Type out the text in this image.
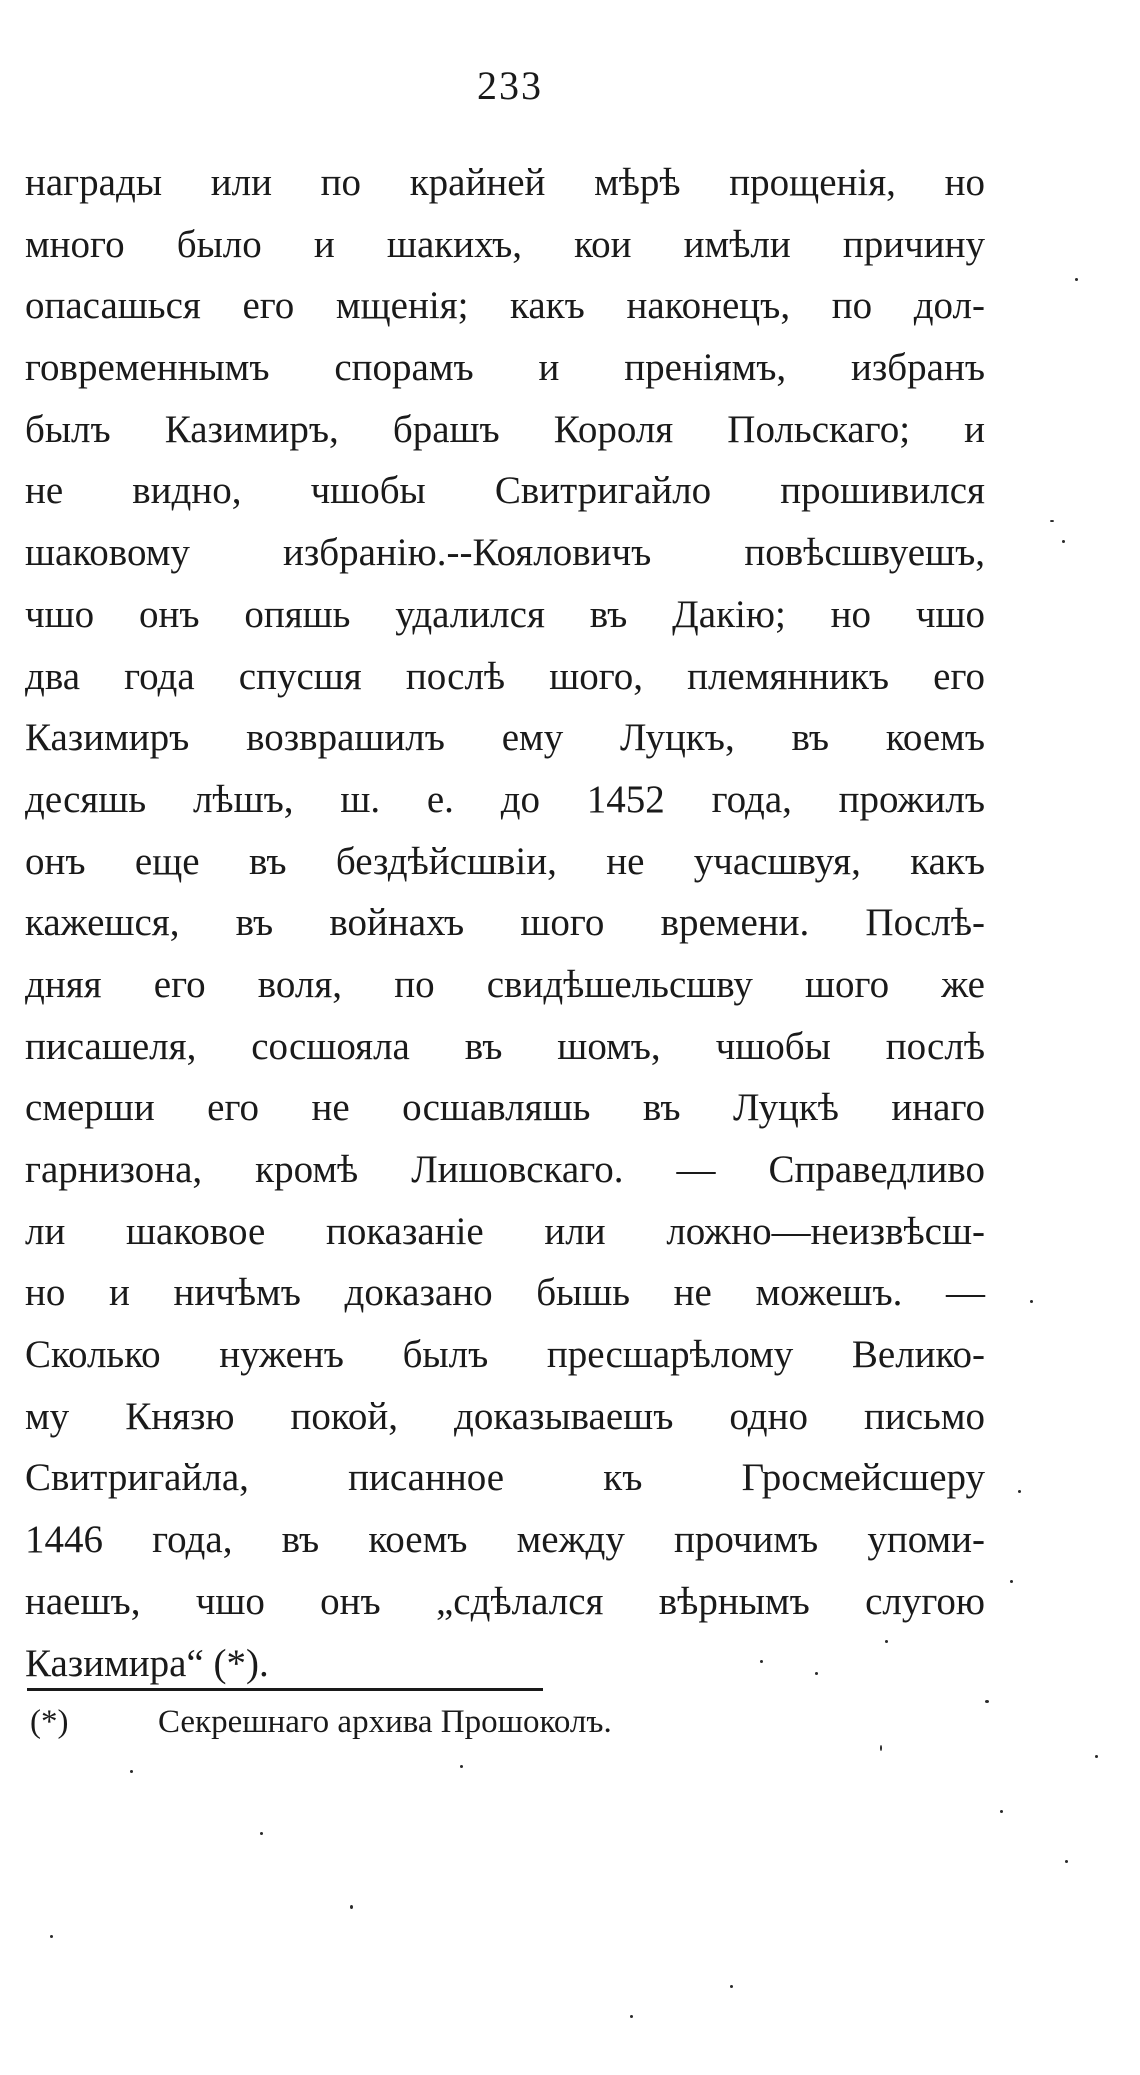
233
награды или по крайней мѣрѣ прощенія, но
много было и шакихъ, кои имѣли причину
опасашься его мщенія; какъ наконецъ, по дол-
говременнымъ спорамъ и преніямъ, избранъ
былъ Казимиръ, брашъ Короля Польскаго; и
не видно, чшобы Свитригайло прошивился
шаковому избранію.--Кояловичъ повѣсшвуешъ,
чшо онъ опяшь удалился въ Дакію; но чшо
два года спусшя послѣ шого, племянникъ его
Казимиръ возврашилъ ему Луцкъ, въ коемъ
десяшь лѣшъ, ш. е. до 1452 года, прожилъ
онъ еще въ бездѣйсшвіи, не учасшвуя, какъ
кажешся, въ войнахъ шого времени. Послѣ-
дняя его воля, по свидѣшельсшву шого же
писашеля, сосшояла въ шомъ, чшобы послѣ
смерши его не осшавляшь въ Луцкѣ инаго
гарнизона, кромѣ Лишовскаго. — Справедливо
ли шаковое показаніе или ложно—неизвѣсш-
но и ничѣмъ доказано бышь не можешъ. —
Сколько нуженъ былъ пресшарѣлому Велико-
му Князю покой, доказываешъ одно письмо
Свитригайла, писанное къ Гросмейсшеру
1446 года, въ коемъ между прочимъ упоми-
наешъ, чшо онъ „сдѣлался вѣрнымъ слугою
Казимира“ (*).
(*)	Секрешнаго архива Прошоколъ.
